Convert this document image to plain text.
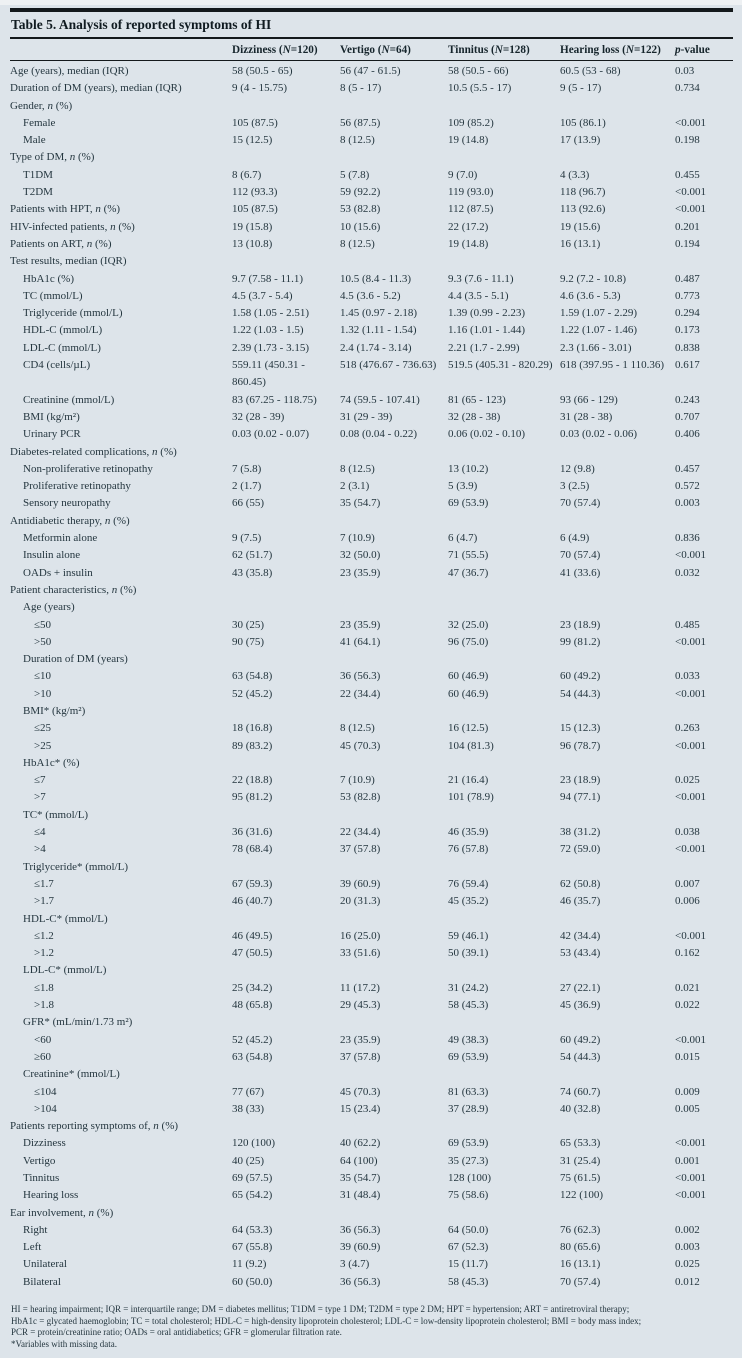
Table 5. Analysis of reported symptoms of HI
	Dizziness (N=120)	Vertigo (N=64)	Tinnitus (N=128)	Hearing loss (N=122)	p-value
Age (years), median (IQR)	58 (50.5 - 65)	56 (47 - 61.5)	58 (50.5 - 66)	60.5 (53 - 68)	0.03
Duration of DM (years), median (IQR)	9 (4 - 15.75)	8 (5 - 17)	10.5 (5.5 - 17)	9 (5 - 17)	0.734
Gender, n (%)					
Female	105 (87.5)	56 (87.5)	109 (85.2)	105 (86.1)	<0.001
Male	15 (12.5)	8 (12.5)	19 (14.8)	17 (13.9)	0.198
Type of DM, n (%)					
T1DM	8 (6.7)	5 (7.8)	9 (7.0)	4 (3.3)	0.455
T2DM	112 (93.3)	59 (92.2)	119 (93.0)	118 (96.7)	<0.001
Patients with HPT, n (%)	105 (87.5)	53 (82.8)	112 (87.5)	113 (92.6)	<0.001
HIV-infected patients, n (%)	19 (15.8)	10 (15.6)	22 (17.2)	19 (15.6)	0.201
Patients on ART, n (%)	13 (10.8)	8 (12.5)	19 (14.8)	16 (13.1)	0.194
Test results, median (IQR)					
HbA1c (%)	9.7 (7.58 - 11.1)	10.5 (8.4 - 11.3)	9.3 (7.6 - 11.1)	9.2 (7.2 - 10.8)	0.487
TC (mmol/L)	4.5 (3.7 - 5.4)	4.5 (3.6 - 5.2)	4.4 (3.5 - 5.1)	4.6 (3.6 - 5.3)	0.773
Triglyceride (mmol/L)	1.58 (1.05 - 2.51)	1.45 (0.97 - 2.18)	1.39 (0.99 - 2.23)	1.59 (1.07 - 2.29)	0.294
HDL-C (mmol/L)	1.22 (1.03 - 1.5)	1.32 (1.11 - 1.54)	1.16 (1.01 - 1.44)	1.22 (1.07 - 1.46)	0.173
LDL-C (mmol/L)	2.39 (1.73 - 3.15)	2.4 (1.74 - 3.14)	2.21 (1.7 - 2.99)	2.3 (1.66 - 3.01)	0.838
CD4 (cells/µL)	559.11 (450.31 - 860.45)	518 (476.67 - 736.63)	519.5 (405.31 - 820.29)	618 (397.95 - 1 110.36)	0.617
Creatinine (mmol/L)	83 (67.25 - 118.75)	74 (59.5 - 107.41)	81 (65 - 123)	93 (66 - 129)	0.243
BMI (kg/m²)	32 (28 - 39)	31 (29 - 39)	32 (28 - 38)	31 (28 - 38)	0.707
Urinary PCR	0.03 (0.02 - 0.07)	0.08 (0.04 - 0.22)	0.06 (0.02 - 0.10)	0.03 (0.02 - 0.06)	0.406
Diabetes-related complications, n (%)					
Non-proliferative retinopathy	7 (5.8)	8 (12.5)	13 (10.2)	12 (9.8)	0.457
Proliferative retinopathy	2 (1.7)	2 (3.1)	5 (3.9)	3 (2.5)	0.572
Sensory neuropathy	66 (55)	35 (54.7)	69 (53.9)	70 (57.4)	0.003
Antidiabetic therapy, n (%)					
Metformin alone	9 (7.5)	7 (10.9)	6 (4.7)	6 (4.9)	0.836
Insulin alone	62 (51.7)	32 (50.0)	71 (55.5)	70 (57.4)	<0.001
OADs + insulin	43 (35.8)	23 (35.9)	47 (36.7)	41 (33.6)	0.032
Patient characteristics, n (%)					
Age (years)					
≤50	30 (25)	23 (35.9)	32 (25.0)	23 (18.9)	0.485
>50	90 (75)	41 (64.1)	96 (75.0)	99 (81.2)	<0.001
Duration of DM (years)					
≤10	63 (54.8)	36 (56.3)	60 (46.9)	60 (49.2)	0.033
>10	52 (45.2)	22 (34.4)	60 (46.9)	54 (44.3)	<0.001
BMI* (kg/m²)					
≤25	18 (16.8)	8 (12.5)	16 (12.5)	15 (12.3)	0.263
>25	89 (83.2)	45 (70.3)	104 (81.3)	96 (78.7)	<0.001
HbA1c* (%)					
≤7	22 (18.8)	7 (10.9)	21 (16.4)	23 (18.9)	0.025
>7	95 (81.2)	53 (82.8)	101 (78.9)	94 (77.1)	<0.001
TC* (mmol/L)					
≤4	36 (31.6)	22 (34.4)	46 (35.9)	38 (31.2)	0.038
>4	78 (68.4)	37 (57.8)	76 (57.8)	72 (59.0)	<0.001
Triglyceride* (mmol/L)					
≤1.7	67 (59.3)	39 (60.9)	76 (59.4)	62 (50.8)	0.007
>1.7	46 (40.7)	20 (31.3)	45 (35.2)	46 (35.7)	0.006
HDL-C* (mmol/L)					
≤1.2	46 (49.5)	16 (25.0)	59 (46.1)	42 (34.4)	<0.001
>1.2	47 (50.5)	33 (51.6)	50 (39.1)	53 (43.4)	0.162
LDL-C* (mmol/L)					
≤1.8	25 (34.2)	11 (17.2)	31 (24.2)	27 (22.1)	0.021
>1.8	48 (65.8)	29 (45.3)	58 (45.3)	45 (36.9)	0.022
GFR* (mL/min/1.73 m²)					
<60	52 (45.2)	23 (35.9)	49 (38.3)	60 (49.2)	<0.001
≥60	63 (54.8)	37 (57.8)	69 (53.9)	54 (44.3)	0.015
Creatinine* (mmol/L)					
≤104	77 (67)	45 (70.3)	81 (63.3)	74 (60.7)	0.009
>104	38 (33)	15 (23.4)	37 (28.9)	40 (32.8)	0.005
Patients reporting symptoms of, n (%)					
Dizziness	120 (100)	40 (62.2)	69 (53.9)	65 (53.3)	<0.001
Vertigo	40 (25)	64 (100)	35 (27.3)	31 (25.4)	0.001
Tinnitus	69 (57.5)	35 (54.7)	128 (100)	75 (61.5)	<0.001
Hearing loss	65 (54.2)	31 (48.4)	75 (58.6)	122 (100)	<0.001
Ear involvement, n (%)					
Right	64 (53.3)	36 (56.3)	64 (50.0)	76 (62.3)	0.002
Left	67 (55.8)	39 (60.9)	67 (52.3)	80 (65.6)	0.003
Unilateral	11 (9.2)	3 (4.7)	15 (11.7)	16 (13.1)	0.025
Bilateral	60 (50.0)	36 (56.3)	58 (45.3)	70 (57.4)	0.012
HI = hearing impairment; IQR = interquartile range; DM = diabetes mellitus; T1DM = type 1 DM; T2DM = type 2 DM; HPT = hypertension; ART = antiretroviral therapy;
HbA1c = glycated haemoglobin; TC = total cholesterol; HDL-C = high-density lipoprotein cholesterol; LDL-C = low-density lipoprotein cholesterol; BMI = body mass index;
PCR = protein/creatinine ratio; OADs = oral antidiabetics; GFR = glomerular filtration rate.
*Variables with missing data.
